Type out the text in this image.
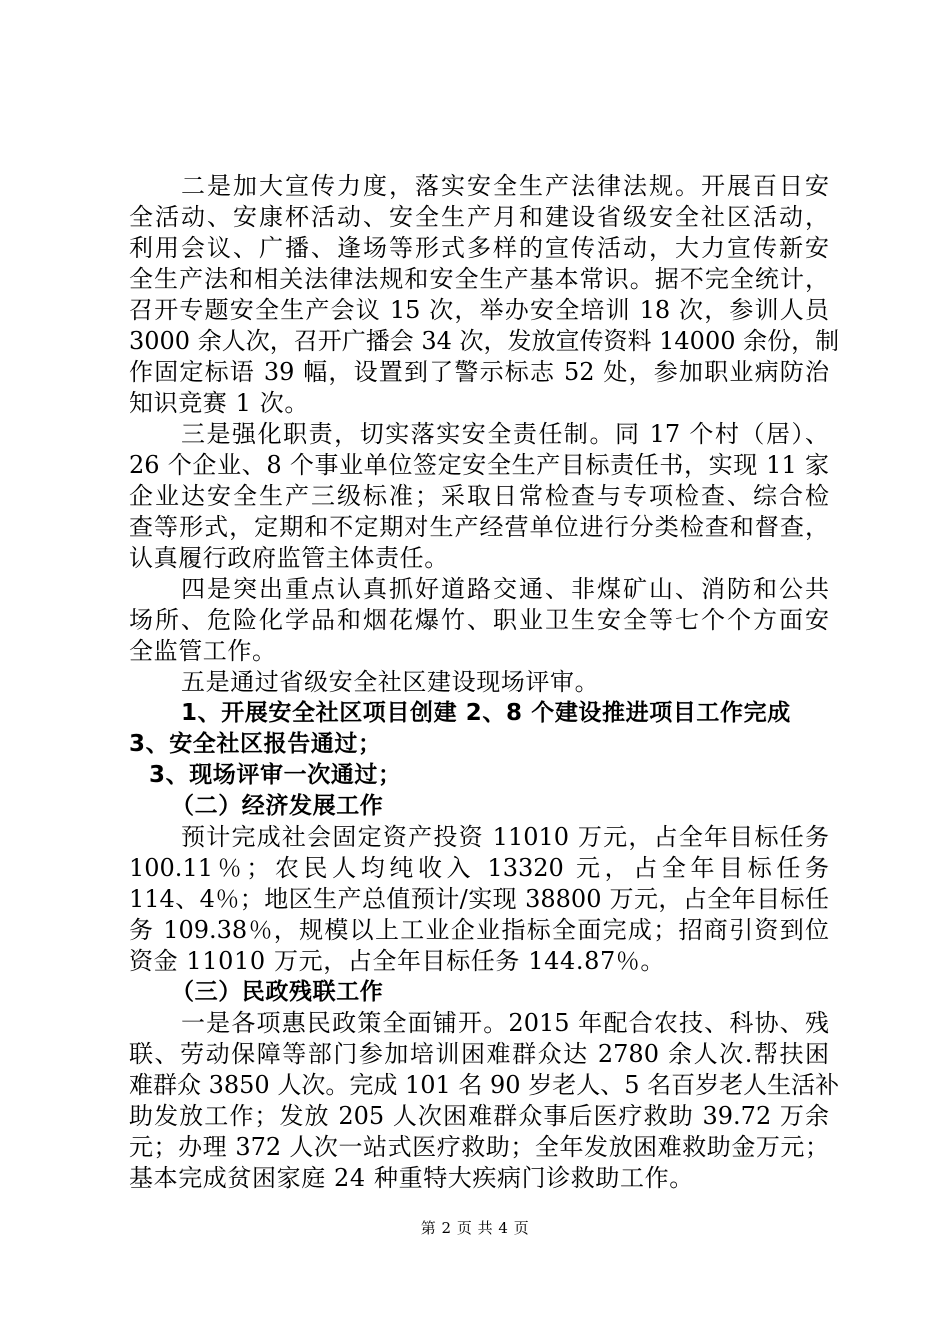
二是加大宣传力度，落实安全生产法律法规。开展百日安
全活动、安康杯活动、安全生产月和建设省级安全社区活动，
利用会议、广播、逢场等形式多样的宣传活动，大力宣传新安
全生产法和相关法律法规和安全生产基本常识。据不完全统计，
召开专题安全生产会议 15 次，举办安全培训 18 次，参训人员
3000 余人次，召开广播会 34 次，发放宣传资料 14000 余份，制
作固定标语 39 幅，设置到了警示标志 52 处，参加职业病防治
知识竞赛 1 次。
三是强化职责，切实落实安全责任制。同 17 个村（居）、
26 个企业、8 个事业单位签定安全生产目标责任书，实现 11 家
企业达安全生产三级标准；采取日常检查与专项检查、综合检
查等形式，定期和不定期对生产经营单位进行分类检查和督查，
认真履行政府监管主体责任。
四是突出重点认真抓好道路交通、非煤矿山、消防和公共
场所、危险化学品和烟花爆竹、职业卫生安全等七个个方面安
全监管工作。
五是通过省级安全社区建设现场评审。
1、开展安全社区项目创建 2、8 个建设推进项目工作完成
3、安全社区报告通过；
3、现场评审一次通过；
（二）经济发展工作
预计完成社会固定资产投资 11010 万元，占全年目标任务
100.11％；农民人均纯收入 13320 元，占全年目标任务
114、4％；地区生产总值预计/实现 38800 万元，占全年目标任
务 109.38％，规模以上工业企业指标全面完成；招商引资到位
资金 11010 万元，占全年目标任务 144.87％。
（三）民政残联工作
一是各项惠民政策全面铺开。2015 年配合农技、科协、残
联、劳动保障等部门参加培训困难群众达 2780 余人次.帮扶困
难群众 3850 人次。完成 101 名 90 岁老人、5 名百岁老人生活补
助发放工作；发放 205 人次困难群众事后医疗救助 39.72 万余
元；办理 372 人次一站式医疗救助；全年发放困难救助金万元；
基本完成贫困家庭 24 种重特大疾病门诊救助工作。
第 2 页 共 4 页
